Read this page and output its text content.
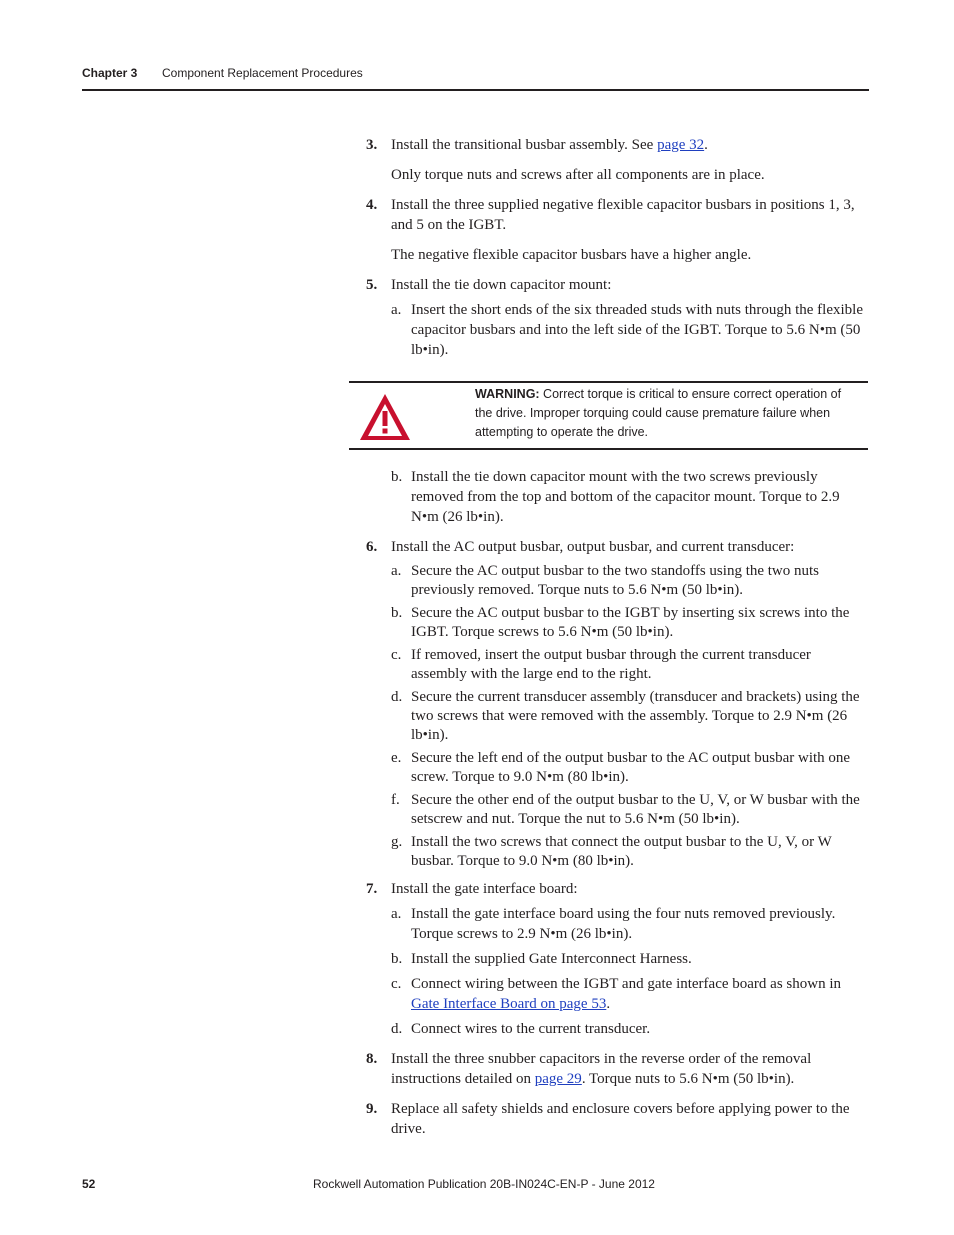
Chapter 3 Component Replacement Procedures
3. Install the transitional busbar assembly. See page 32.
Only torque nuts and screws after all components are in place.
4. Install the three supplied negative flexible capacitor busbars in positions 1, 3, and 5 on the IGBT.
The negative flexible capacitor busbars have a higher angle.
5. Install the tie down capacitor mount:
a. Insert the short ends of the six threaded studs with nuts through the flexible capacitor busbars and into the left side of the IGBT. Torque to 5.6 N•m (50 lb•in).
WARNING: Correct torque is critical to ensure correct operation of the drive. Improper torquing could cause premature failure when attempting to operate the drive.
b. Install the tie down capacitor mount with the two screws previously removed from the top and bottom of the capacitor mount. Torque to 2.9 N•m (26 lb•in).
6. Install the AC output busbar, output busbar, and current transducer:
a. Secure the AC output busbar to the two standoffs using the two nuts previously removed. Torque nuts to 5.6 N•m (50 lb•in).
b. Secure the AC output busbar to the IGBT by inserting six screws into the IGBT. Torque screws to 5.6 N•m (50 lb•in).
c. If removed, insert the output busbar through the current transducer assembly with the large end to the right.
d. Secure the current transducer assembly (transducer and brackets) using the two screws that were removed with the assembly. Torque to 2.9 N•m (26 lb•in).
e. Secure the left end of the output busbar to the AC output busbar with one screw. Torque to 9.0 N•m (80 lb•in).
f. Secure the other end of the output busbar to the U, V, or W busbar with the setscrew and nut. Torque the nut to 5.6 N•m (50 lb•in).
g. Install the two screws that connect the output busbar to the U, V, or W busbar. Torque to 9.0 N•m (80 lb•in).
7. Install the gate interface board:
a. Install the gate interface board using the four nuts removed previously. Torque screws to 2.9 N•m (26 lb•in).
b. Install the supplied Gate Interconnect Harness.
c. Connect wiring between the IGBT and gate interface board as shown in Gate Interface Board on page 53.
d. Connect wires to the current transducer.
8. Install the three snubber capacitors in the reverse order of the removal instructions detailed on page 29. Torque nuts to 5.6 N•m (50 lb•in).
9. Replace all safety shields and enclosure covers before applying power to the drive.
52	Rockwell Automation Publication 20B-IN024C-EN-P - June 2012
